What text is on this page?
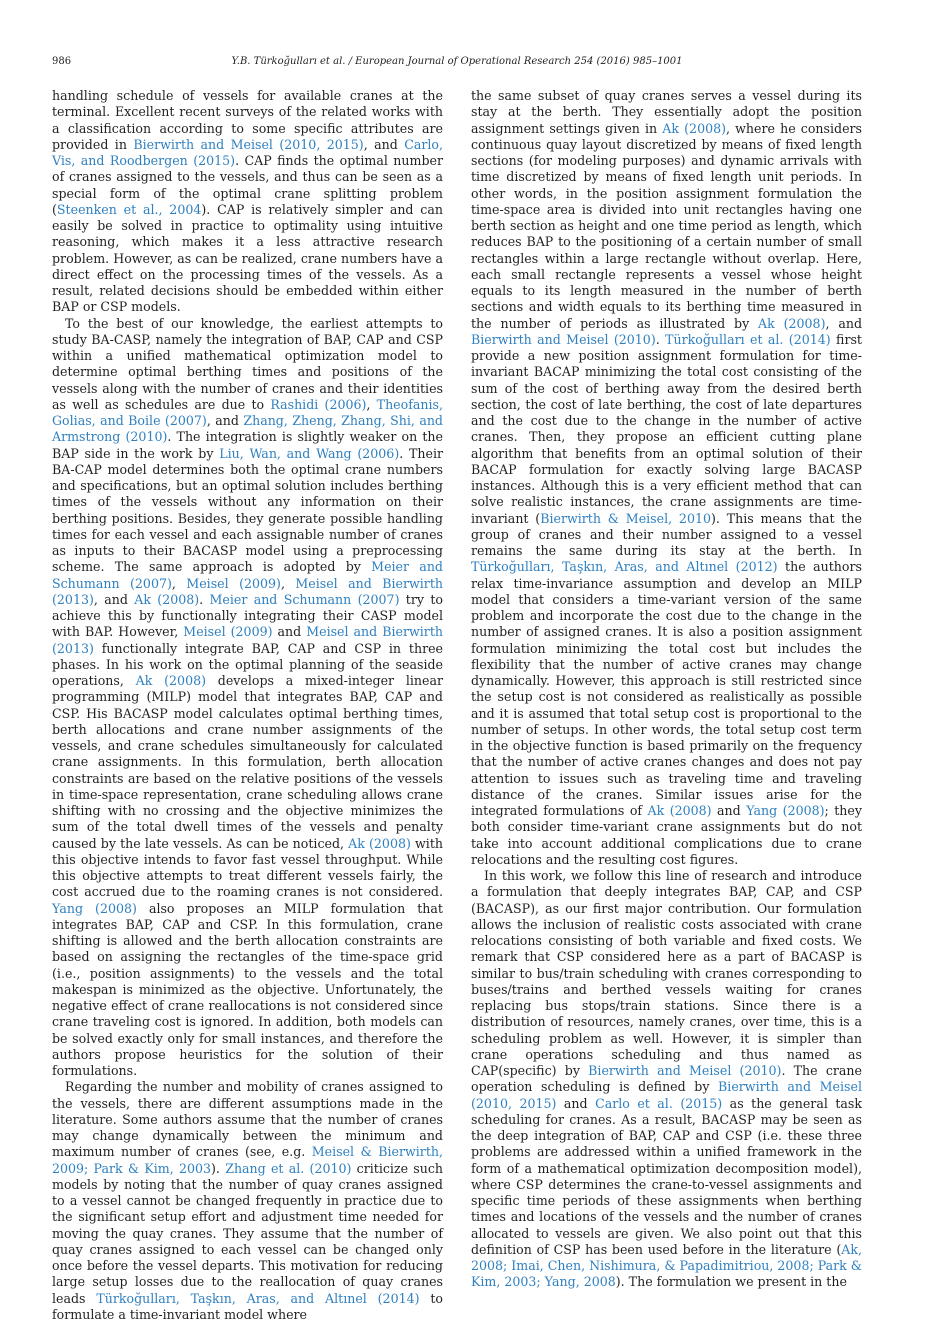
986	Y.B. Türkoğulları et al. / European Journal of Operational Research 254 (2016) 985–1001

handling schedule of vessels for available cranes at the terminal. Excellent recent surveys of the related works with a classification according to some specific attributes are provided in Bierwirth and Meisel (2010, 2015), and Carlo, Vis, and Roodbergen (2015). CAP finds the optimal number of cranes assigned to the vessels, and thus can be seen as a special form of the optimal crane splitting problem (Steenken et al., 2004). CAP is relatively simpler and can easily be solved in practice to optimality using intuitive reasoning, which makes it a less attractive research problem. However, as can be realized, crane numbers have a direct effect on the processing times of the vessels. As a result, related decisions should be embedded within either BAP or CSP models.

To the best of our knowledge, the earliest attempts to study BA-CASP, namely the integration of BAP, CAP and CSP within a unified mathematical optimization model to determine optimal berthing times and positions of the vessels along with the number of cranes and their identities as well as schedules are due to Rashidi (2006), Theofanis, Golias, and Boile (2007), and Zhang, Zheng, Zhang, Shi, and Armstrong (2010). The integration is slightly weaker on the BAP side in the work by Liu, Wan, and Wang (2006). Their BA-CAP model determines both the optimal crane numbers and specifications, but an optimal solution includes berthing times of the vessels without any information on their berthing positions. Besides, they generate possible handling times for each vessel and each assignable number of cranes as inputs to their BACASP model using a preprocessing scheme. The same approach is adopted by Meier and Schumann (2007), Meisel (2009), Meisel and Bierwirth (2013), and Ak (2008). Meier and Schumann (2007) try to achieve this by functionally integrating their CASP model with BAP. However, Meisel (2009) and Meisel and Bierwirth (2013) functionally integrate BAP, CAP and CSP in three phases. In his work on the optimal planning of the seaside operations, Ak (2008) develops a mixed-integer linear programming (MILP) model that integrates BAP, CAP and CSP. His BACASP model calculates optimal berthing times, berth allocations and crane number assignments of the vessels, and crane schedules simultaneously for calculated crane assignments. In this formulation, berth allocation constraints are based on the relative positions of the vessels in time-space representation, crane scheduling allows crane shifting with no crossing and the objective minimizes the sum of the total dwell times of the vessels and penalty caused by the late vessels. As can be noticed, Ak (2008) with this objective intends to favor fast vessel throughput. While this objective attempts to treat different vessels fairly, the cost accrued due to the roaming cranes is not considered. Yang (2008) also proposes an MILP formulation that integrates BAP, CAP and CSP. In this formulation, crane shifting is allowed and the berth allocation constraints are based on assigning the rectangles of the time-space grid (i.e., position assignments) to the vessels and the total makespan is minimized as the objective. Unfortunately, the negative effect of crane reallocations is not considered since crane traveling cost is ignored. In addition, both models can be solved exactly only for small instances, and therefore the authors propose heuristics for the solution of their formulations.

Regarding the number and mobility of cranes assigned to the vessels, there are different assumptions made in the literature. Some authors assume that the number of cranes may change dynamically between the minimum and maximum number of cranes (see, e.g. Meisel & Bierwirth, 2009; Park & Kim, 2003). Zhang et al. (2010) criticize such models by noting that the number of quay cranes assigned to a vessel cannot be changed frequently in practice due to the significant setup effort and adjustment time needed for moving the quay cranes. They assume that the number of quay cranes assigned to each vessel can be changed only once before the vessel departs. This motivation for reducing large setup losses due to the reallocation of quay cranes leads Türkoğulları, Taşkın, Aras, and Altınel (2014) to formulate a time-invariant model where

the same subset of quay cranes serves a vessel during its stay at the berth. They essentially adopt the position assignment settings given in Ak (2008), where he considers continuous quay layout discretized by means of fixed length sections (for modeling purposes) and dynamic arrivals with time discretized by means of fixed length unit periods. In other words, in the position assignment formulation the time-space area is divided into unit rectangles having one berth section as height and one time period as length, which reduces BAP to the positioning of a certain number of small rectangles within a large rectangle without overlap. Here, each small rectangle represents a vessel whose height equals to its length measured in the number of berth sections and width equals to its berthing time measured in the number of periods as illustrated by Ak (2008), and Bierwirth and Meisel (2010). Türkoğulları et al. (2014) first provide a new position assignment formulation for time-invariant BACAP minimizing the total cost consisting of the sum of the cost of berthing away from the desired berth section, the cost of late berthing, the cost of late departures and the cost due to the change in the number of active cranes. Then, they propose an efficient cutting plane algorithm that benefits from an optimal solution of their BACAP formulation for exactly solving large BACASP instances. Although this is a very efficient method that can solve realistic instances, the crane assignments are time-invariant (Bierwirth & Meisel, 2010). This means that the group of cranes and their number assigned to a vessel remains the same during its stay at the berth. In Türkoğulları, Taşkın, Aras, and Altınel (2012) the authors relax time-invariance assumption and develop an MILP model that considers a time-variant version of the same problem and incorporate the cost due to the change in the number of assigned cranes. It is also a position assignment formulation minimizing the total cost but includes the flexibility that the number of active cranes may change dynamically. However, this approach is still restricted since the setup cost is not considered as realistically as possible and it is assumed that total setup cost is proportional to the number of setups. In other words, the total setup cost term in the objective function is based primarily on the frequency that the number of active cranes changes and does not pay attention to issues such as traveling time and traveling distance of the cranes. Similar issues arise for the integrated formulations of Ak (2008) and Yang (2008); they both consider time-variant crane assignments but do not take into account additional complications due to crane relocations and the resulting cost figures.

In this work, we follow this line of research and introduce a formulation that deeply integrates BAP, CAP, and CSP (BACASP), as our first major contribution. Our formulation allows the inclusion of realistic costs associated with crane relocations consisting of both variable and fixed costs. We remark that CSP considered here as a part of BACASP is similar to bus/train scheduling with cranes corresponding to buses/trains and berthed vessels waiting for cranes replacing bus stops/train stations. Since there is a distribution of resources, namely cranes, over time, this is a scheduling problem as well. However, it is simpler than crane operations scheduling and thus named as CAP(specific) by Bierwirth and Meisel (2010). The crane operation scheduling is defined by Bierwirth and Meisel (2010, 2015) and Carlo et al. (2015) as the general task scheduling for cranes. As a result, BACASP may be seen as the deep integration of BAP, CAP and CSP (i.e. these three problems are addressed within a unified framework in the form of a mathematical optimization decomposition model), where CSP determines the crane-to-vessel assignments and specific time periods of these assignments when berthing times and locations of the vessels and the number of cranes allocated to vessels are given. We also point out that this definition of CSP has been used before in the literature (Ak, 2008; Imai, Chen, Nishimura, & Papadimitriou, 2008; Park & Kim, 2003; Yang, 2008). The formulation we present in the
